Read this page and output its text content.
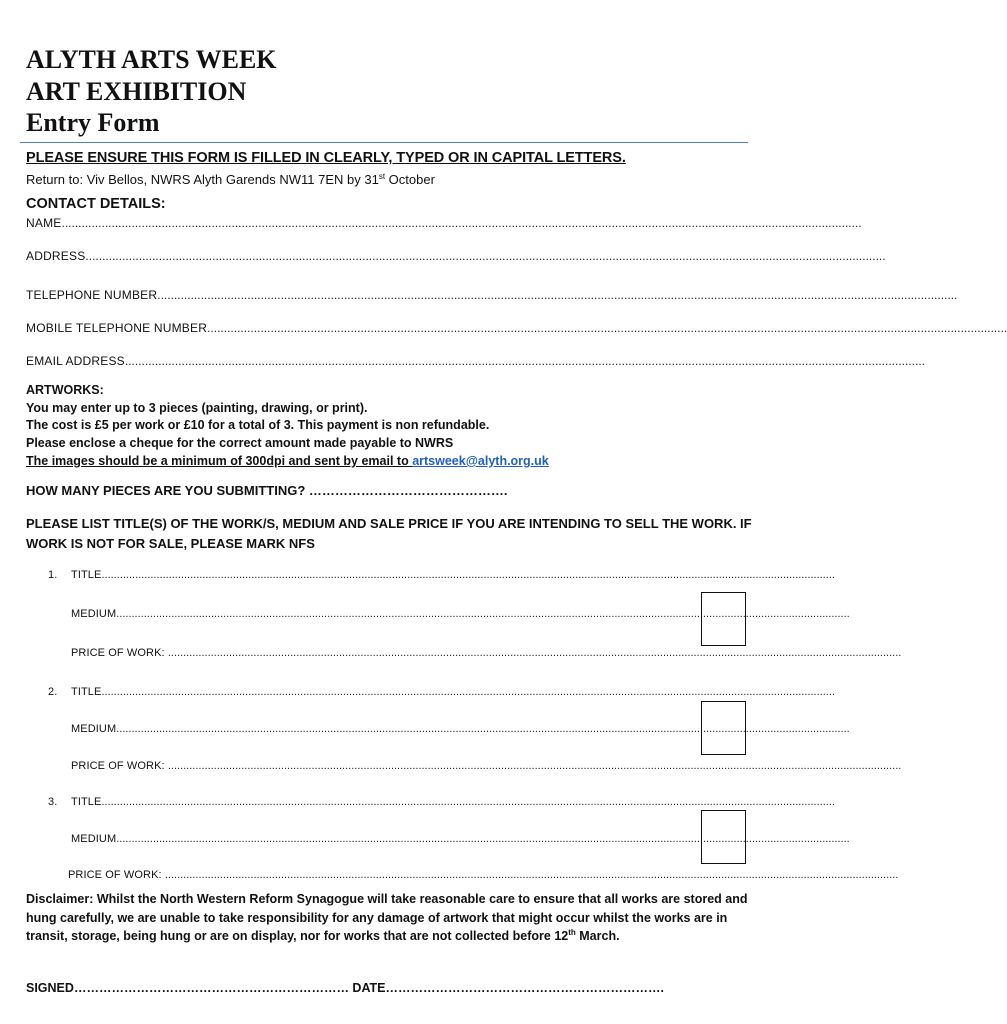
ALYTH ARTS WEEK
ART EXHIBITION
Entry Form
PLEASE ENSURE THIS FORM IS FILLED IN CLEARLY, TYPED OR IN CAPITAL LETTERS.
Return to: Viv Bellos, NWRS Alyth Garends NW11 7EN by 31st October
CONTACT DETAILS:
NAME................................................................................................................................................................................................................................................
ADDRESS................................................................................................................................................................................................................................................
TELEPHONE NUMBER................................................................................................................................................................................................................................................
MOBILE TELEPHONE NUMBER................................................................................................................................................................................................................................................
EMAIL ADDRESS................................................................................................................................................................................................................................................
ARTWORKS:
You may enter up to 3 pieces (painting, drawing, or print).
The cost is £5 per work or £10 for a total of 3. This payment is non refundable.
Please enclose a cheque for the correct amount made payable to NWRS
The images should be a minimum of 300dpi and sent by email to artsweek@alyth.org.uk
HOW MANY PIECES ARE YOU SUBMITTING? ……………………………………….
PLEASE LIST TITLE(S) OF THE WORK/S, MEDIUM AND SALE PRICE IF YOU ARE INTENDING TO SELL THE WORK. IF WORK IS NOT FOR SALE, PLEASE MARK NFS
1. TITLE................................................................................................................................................................................................................................................
MEDIUM................................................................................................................................................................................................................................................
PRICE OF WORK: ................................................................................................................................................................................................................................................
2. TITLE................................................................................................................................................................................................................................................
MEDIUM................................................................................................................................................................................................................................................
PRICE OF WORK: ................................................................................................................................................................................................................................................
3. TITLE................................................................................................................................................................................................................................................
MEDIUM................................................................................................................................................................................................................................................
PRICE OF WORK: ................................................................................................................................................................................................................................................
Disclaimer: Whilst the North Western Reform Synagogue will take reasonable care to ensure that all works are stored and hung carefully, we are unable to take responsibility for any damage of artwork that might occur whilst the works are in transit, storage, being hung or are on display, nor for works that are not collected before 12th March.
SIGNED………………………………………………………… DATE………………………………………………………….
